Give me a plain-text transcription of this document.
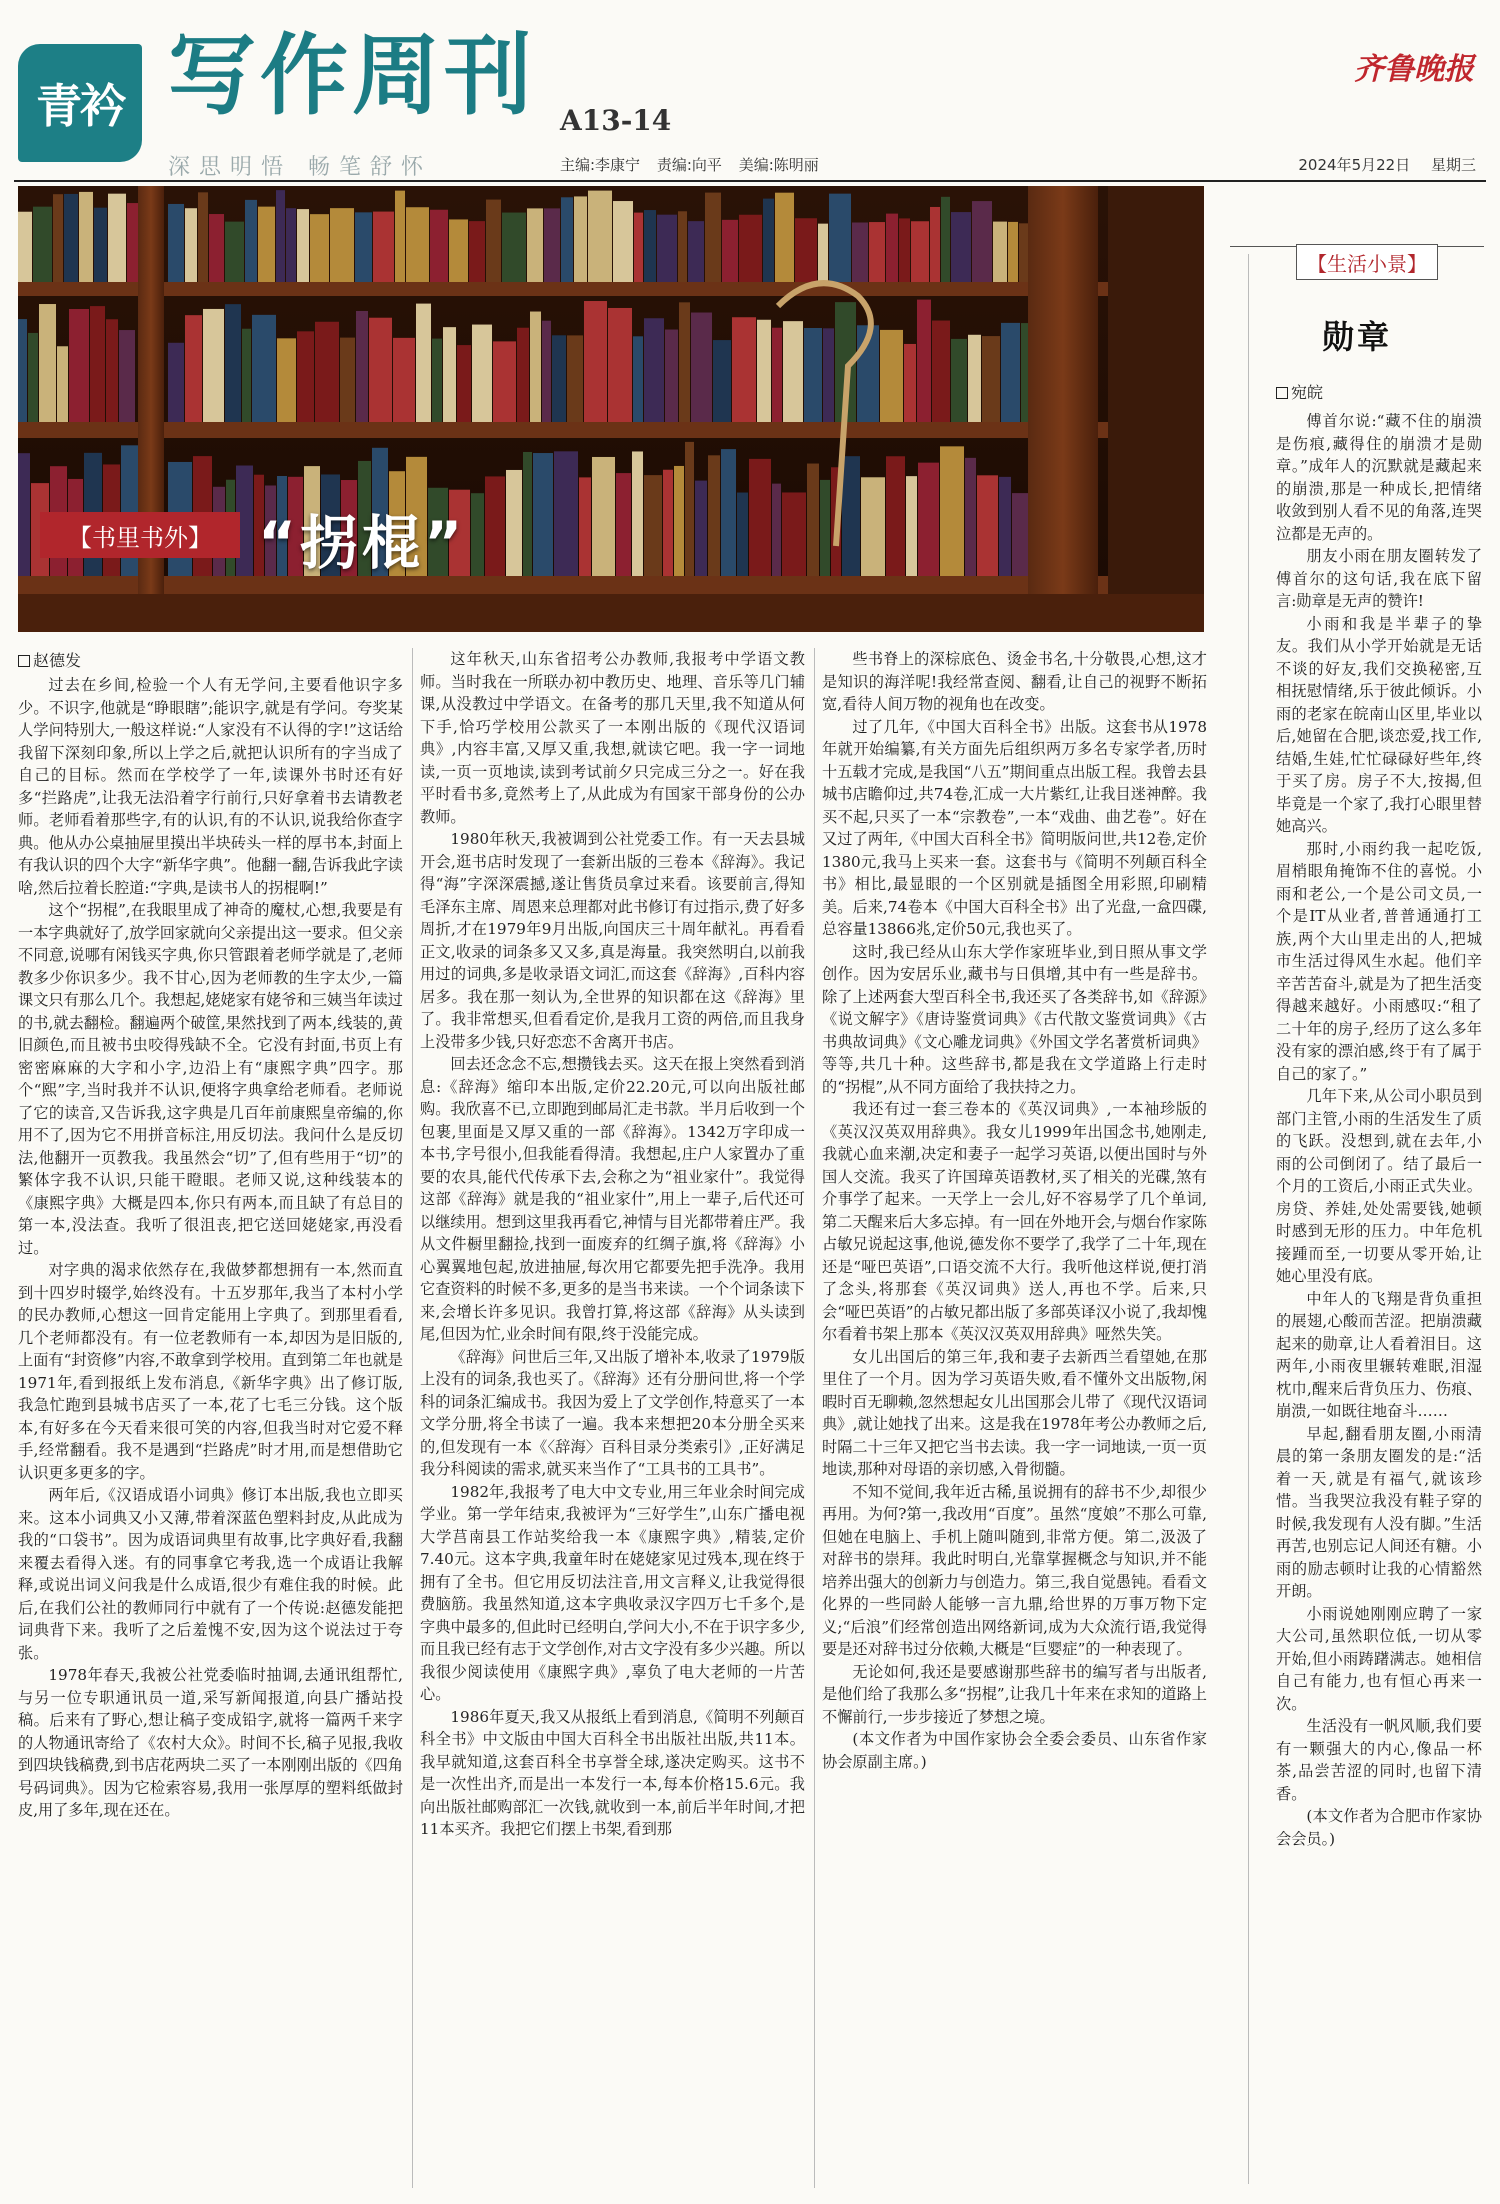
青衿 写作周刊 A13-14
深思明悟 畅笔舒怀	主编:李康宁 责编:向平 美编:陈明丽
齐鲁晚报
2024年5月22日 星期三
【书里书外】 “拐棍”
赵德发

过去在乡间,检验一个人有无学问,主要看他识字多少。不识字,他就是“睁眼瞎”;能识字,就是有学问。夸奖某人学问特别大,一般这样说:“人家没有不认得的字!”这话给我留下深刻印象,所以上学之后,就把认识所有的字当成了自己的目标。然而在学校学了一年,读课外书时还有好多“拦路虎”,让我无法沿着字行前行,只好拿着书去请教老师。老师看着那些字,有的认识,有的不认识,说我给你查字典。他从办公桌抽屉里摸出半块砖头一样的厚书本,封面上有我认识的四个大字“新华字典”。他翻一翻,告诉我此字读啥,然后拉着长腔道:“字典,是读书人的拐棍啊!”

这个“拐棍”,在我眼里成了神奇的魔杖,心想,我要是有一本字典就好了,放学回家就向父亲提出这一要求。但父亲不同意,说哪有闲钱买字典,你只管跟着老师学就是了,老师教多少你识多少。我不甘心,因为老师教的生字太少,一篇课文只有那么几个。我想起,姥姥家有姥爷和三姨当年读过的书,就去翻检。翻遍两个破筐,果然找到了两本,线装的,黄旧颜色,而且被书虫咬得残缺不全。它没有封面,书页上有密密麻麻的大字和小字,边沿上有“康熙字典”四字。那个“熙”字,当时我并不认识,便将字典拿给老师看。老师说了它的读音,又告诉我,这字典是几百年前康熙皇帝编的,你用不了,因为它不用拼音标注,用反切法。我问什么是反切法,他翻开一页教我。我虽然会“切”了,但有些用于“切”的繁体字我不认识,只能干瞪眼。老师又说,这种线装本的《康熙字典》大概是四本,你只有两本,而且缺了有总目的第一本,没法查。我听了很沮丧,把它送回姥姥家,再没看过。

对字典的渴求依然存在,我做梦都想拥有一本,然而直到十四岁时辍学,始终没有。十五岁那年,我当了本村小学的民办教师,心想这一回肯定能用上字典了。到那里看看,几个老师都没有。有一位老教师有一本,却因为是旧版的,上面有“封资修”内容,不敢拿到学校用。直到第二年也就是1971年,看到报纸上发布消息,《新华字典》出了修订版,我急忙跑到县城书店买了一本,花了七毛三分钱。这个版本,有好多在今天看来很可笑的内容,但我当时对它爱不释手,经常翻看。我不是遇到“拦路虎”时才用,而是想借助它认识更多更多的字。

两年后,《汉语成语小词典》修订本出版,我也立即买来。这本小词典又小又薄,带着深蓝色塑料封皮,从此成为我的“口袋书”。因为成语词典里有故事,比字典好看,我翻来覆去看得入迷。有的同事拿它考我,选一个成语让我解释,或说出词义问我是什么成语,很少有难住我的时候。此后,在我们公社的教师同行中就有了一个传说:赵德发能把词典背下来。我听了之后羞愧不安,因为这个说法过于夸张。

1978年春天,我被公社党委临时抽调,去通讯组帮忙,与另一位专职通讯员一道,采写新闻报道,向县广播站投稿。后来有了野心,想让稿子变成铅字,就将一篇两千来字的人物通讯寄给了《农村大众》。时间不长,稿子见报,我收到四块钱稿费,到书店花两块二买了一本刚刚出版的《四角号码词典》。因为它检索容易,我用一张厚厚的塑料纸做封皮,用了多年,现在还在。

这年秋天,山东省招考公办教师,我报考中学语文教师。当时我在一所联办初中教历史、地理、音乐等几门辅课,从没教过中学语文。在备考的那几天里,我不知道从何下手,恰巧学校用公款买了一本刚出版的《现代汉语词典》,内容丰富,又厚又重,我想,就读它吧。我一字一词地读,一页一页地读,读到考试前夕只完成三分之一。好在我平时看书多,竟然考上了,从此成为有国家干部身份的公办教师。

1980年秋天,我被调到公社党委工作。有一天去县城开会,逛书店时发现了一套新出版的三卷本《辞海》。我记得“海”字深深震撼,遂让售货员拿过来看。该要前言,得知毛泽东主席、周恩来总理都对此书修订有过指示,费了好多周折,才在1979年9月出版,向国庆三十周年献礼。再看看正文,收录的词条多又又多,真是海量。我突然明白,以前我用过的词典,多是收录语文词汇,而这套《辞海》,百科内容居多。我在那一刻认为,全世界的知识都在这《辞海》里了。我非常想买,但看看定价,是我月工资的两倍,而且我身上没带多少钱,只好恋恋不舍离开书店。

回去还念念不忘,想攒钱去买。这天在报上突然看到消息:《辞海》缩印本出版,定价22.20元,可以向出版社邮购。我欣喜不已,立即跑到邮局汇走书款。半月后收到一个包裹,里面是又厚又重的一部《辞海》。1342万字印成一本书,字号很小,但我能看得清。我想起,庄户人家置办了重要的农具,能代代传承下去,会称之为“祖业家什”。我觉得这部《辞海》就是我的“祖业家什”,用上一辈子,后代还可以继续用。想到这里我再看它,神情与目光都带着庄严。我从文件橱里翻捡,找到一面废弃的红绸子旗,将《辞海》小心翼翼地包起,放进抽屉,每次用它都要先把手洗净。我用它查资料的时候不多,更多的是当书来读。一个个词条读下来,会增长许多见识。我曾打算,将这部《辞海》从头读到尾,但因为忙,业余时间有限,终于没能完成。

《辞海》问世后三年,又出版了增补本,收录了1979版上没有的词条,我也买了。《辞海》还有分册问世,将一个学科的词条汇编成书。我因为爱上了文学创作,特意买了一本文学分册,将全书读了一遍。我本来想把20本分册全买来的,但发现有一本《〈辞海〉百科目录分类索引》,正好满足我分科阅读的需求,就买来当作了“工具书的工具书”。

1982年,我报考了电大中文专业,用三年业余时间完成学业。第一学年结束,我被评为“三好学生”,山东广播电视大学莒南县工作站奖给我一本《康熙字典》,精装,定价7.40元。这本字典,我童年时在姥姥家见过残本,现在终于拥有了全书。但它用反切法注音,用文言释义,让我觉得很费脑筋。我虽然知道,这本字典收录汉字四万七千多个,是字典中最多的,但此时已经明白,学问大小,不在于识字多少,而且我已经有志于文学创作,对古文字没有多少兴趣。所以我很少阅读使用《康熙字典》,辜负了电大老师的一片苦心。

1986年夏天,我又从报纸上看到消息,《简明不列颠百科全书》中文版由中国大百科全书出版社出版,共11本。我早就知道,这套百科全书享誉全球,遂决定购买。这书不是一次性出齐,而是出一本发行一本,每本价格15.6元。我向出版社邮购部汇一次钱,就收到一本,前后半年时间,才把11本买齐。我把它们摆上书架,看到那

些书脊上的深棕底色、烫金书名,十分敬畏,心想,这才是知识的海洋呢!我经常查阅、翻看,让自己的视野不断拓宽,看待人间万物的视角也在改变。

过了几年,《中国大百科全书》出版。这套书从1978年就开始编纂,有关方面先后组织两万多名专家学者,历时十五载才完成,是我国“八五”期间重点出版工程。我曾去县城书店瞻仰过,共74卷,汇成一大片紫红,让我目迷神醉。我买不起,只买了一本“宗教卷”,一本“戏曲、曲艺卷”。好在又过了两年,《中国大百科全书》简明版问世,共12卷,定价1380元,我马上买来一套。这套书与《简明不列颠百科全书》相比,最显眼的一个区别就是插图全用彩照,印刷精美。后来,74卷本《中国大百科全书》出了光盘,一盒四碟,总容量13866兆,定价50元,我也买了。

这时,我已经从山东大学作家班毕业,到日照从事文学创作。因为安居乐业,藏书与日俱增,其中有一些是辞书。除了上述两套大型百科全书,我还买了各类辞书,如《辞源》《说文解字》《唐诗鉴赏词典》《古代散文鉴赏词典》《古书典故词典》《文心雕龙词典》《外国文学名著赏析词典》等等,共几十种。这些辞书,都是我在文学道路上行走时的“拐棍”,从不同方面给了我扶持之力。

我还有过一套三卷本的《英汉词典》,一本袖珍版的《英汉汉英双用辞典》。我女儿1999年出国念书,她刚走,我就心血来潮,决定和妻子一起学习英语,以便出国时与外国人交流。我买了许国璋英语教材,买了相关的光碟,煞有介事学了起来。一天学上一会儿,好不容易学了几个单词,第二天醒来后大多忘掉。有一回在外地开会,与烟台作家陈占敏兄说起这事,他说,德发你不要学了,我学了二十年,现在还是“哑巴英语”,口语交流不大行。我听他这样说,便打消了念头,将那套《英汉词典》送人,再也不学。后来,只会“哑巴英语”的占敏兄都出版了多部英译汉小说了,我却愧尔看着书架上那本《英汉汉英双用辞典》哑然失笑。

女儿出国后的第三年,我和妻子去新西兰看望她,在那里住了一个月。因为学习英语失败,看不懂外文出版物,闲暇时百无聊赖,忽然想起女儿出国那会儿带了《现代汉语词典》,就让她找了出来。这是我在1978年考公办教师之后,时隔二十三年又把它当书去读。我一字一词地读,一页一页地读,那种对母语的亲切感,入骨彻髓。

不知不觉间,我年近古稀,虽说拥有的辞书不少,却很少再用。为何?第一,我改用“百度”。虽然“度娘”不那么可靠,但她在电脑上、手机上随叫随到,非常方便。第二,汲汲了对辞书的崇拜。我此时明白,光靠掌握概念与知识,并不能培养出强大的创新力与创造力。第三,我自觉愚钝。看看文化界的一些同龄人能够一言九鼎,给世界的万事万物下定义;“后浪”们经常创造出网络新词,成为大众流行语,我觉得要是还对辞书过分依赖,大概是“巨婴症”的一种表现了。

无论如何,我还是要感谢那些辞书的编写者与出版者,是他们给了我那么多“拐棍”,让我几十年来在求知的道路上不懈前行,一步步接近了梦想之境。

(本文作者为中国作家协会全委会委员、山东省作家协会原副主席。)

【生活小景】
勋章
宛皖

傅首尔说:“藏不住的崩溃是伤痕,藏得住的崩溃才是勋章。”成年人的沉默就是藏起来的崩溃,那是一种成长,把情绪收敛到别人看不见的角落,连哭泣都是无声的。

朋友小雨在朋友圈转发了傅首尔的这句话,我在底下留言:勋章是无声的赞许!

小雨和我是半辈子的挚友。我们从小学开始就是无话不谈的好友,我们交换秘密,互相抚慰情绪,乐于彼此倾诉。小雨的老家在皖南山区里,毕业以后,她留在合肥,谈恋爱,找工作,结婚,生娃,忙忙碌碌好些年,终于买了房。房子不大,按揭,但毕竟是一个家了,我打心眼里替她高兴。

那时,小雨约我一起吃饭,眉梢眼角掩饰不住的喜悦。小雨和老公,一个是公司文员,一个是IT从业者,普普通通打工族,两个大山里走出的人,把城市生活过得风生水起。他们辛辛苦苦奋斗,就是为了把生活变得越来越好。小雨感叹:“租了二十年的房子,经历了这么多年没有家的漂泊感,终于有了属于自己的家了。”

几年下来,从公司小职员到部门主管,小雨的生活发生了质的飞跃。没想到,就在去年,小雨的公司倒闭了。结了最后一个月的工资后,小雨正式失业。房贷、养娃,处处需要钱,她顿时感到无形的压力。中年危机接踵而至,一切要从零开始,让她心里没有底。

中年人的飞翔是背负重担的展翅,心酸而苦涩。把崩溃藏起来的勋章,让人看着泪目。这两年,小雨夜里辗转难眠,泪湿枕巾,醒来后背负压力、伤痕、崩溃,一如既往地奋斗……

早起,翻看朋友圈,小雨清晨的第一条朋友圈发的是:“活着一天,就是有福气,就该珍惜。当我哭泣我没有鞋子穿的时候,我发现有人没有脚。”生活再苦,也别忘记人间还有糖。小雨的励志顿时让我的心情豁然开朗。

小雨说她刚刚应聘了一家大公司,虽然职位低,一切从零开始,但小雨踌躇满志。她相信自己有能力,也有恒心再来一次。

生活没有一帆风顺,我们要有一颗强大的内心,像品一杯茶,品尝苦涩的同时,也留下清香。

(本文作者为合肥市作家协会会员。)
